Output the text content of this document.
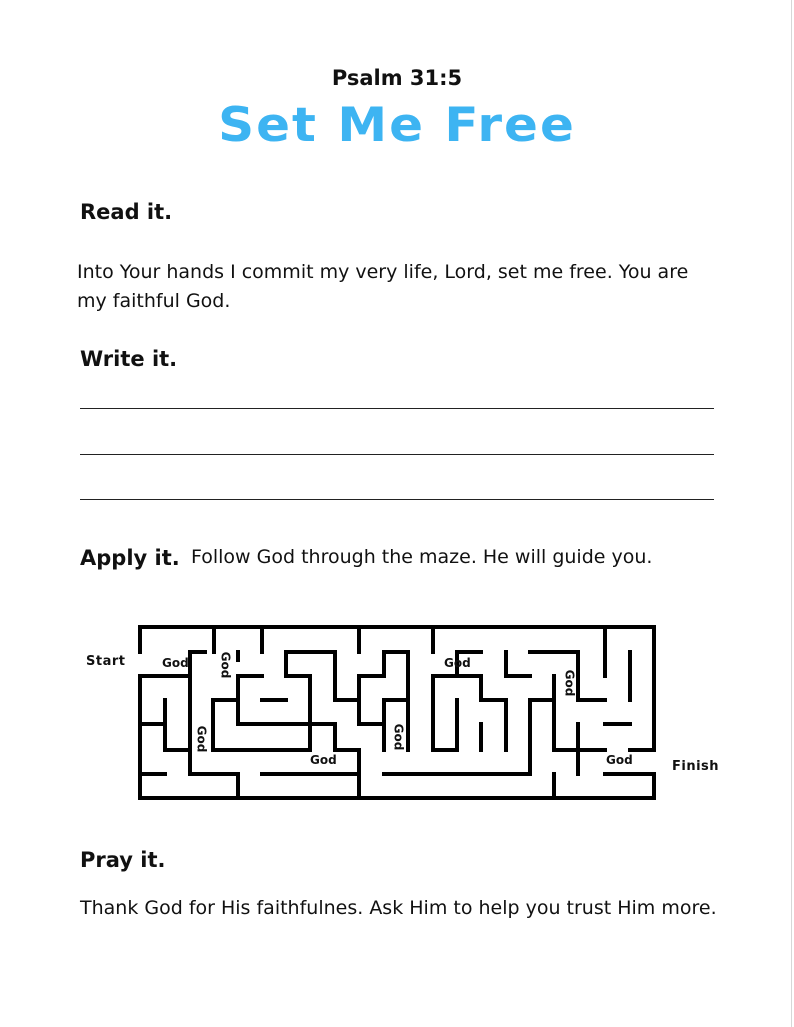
Psalm 31:5
Set Me Free
Read it.
Into Your hands I commit my very life, Lord, set me free. You are my faithful God.
Write it.
Apply it. Follow God through the maze. He will guide you.
Start
Finish
God God	God
God
God
God
God	God
Pray it.
Thank God for His faithfulnes. Ask Him to help you trust Him more.
